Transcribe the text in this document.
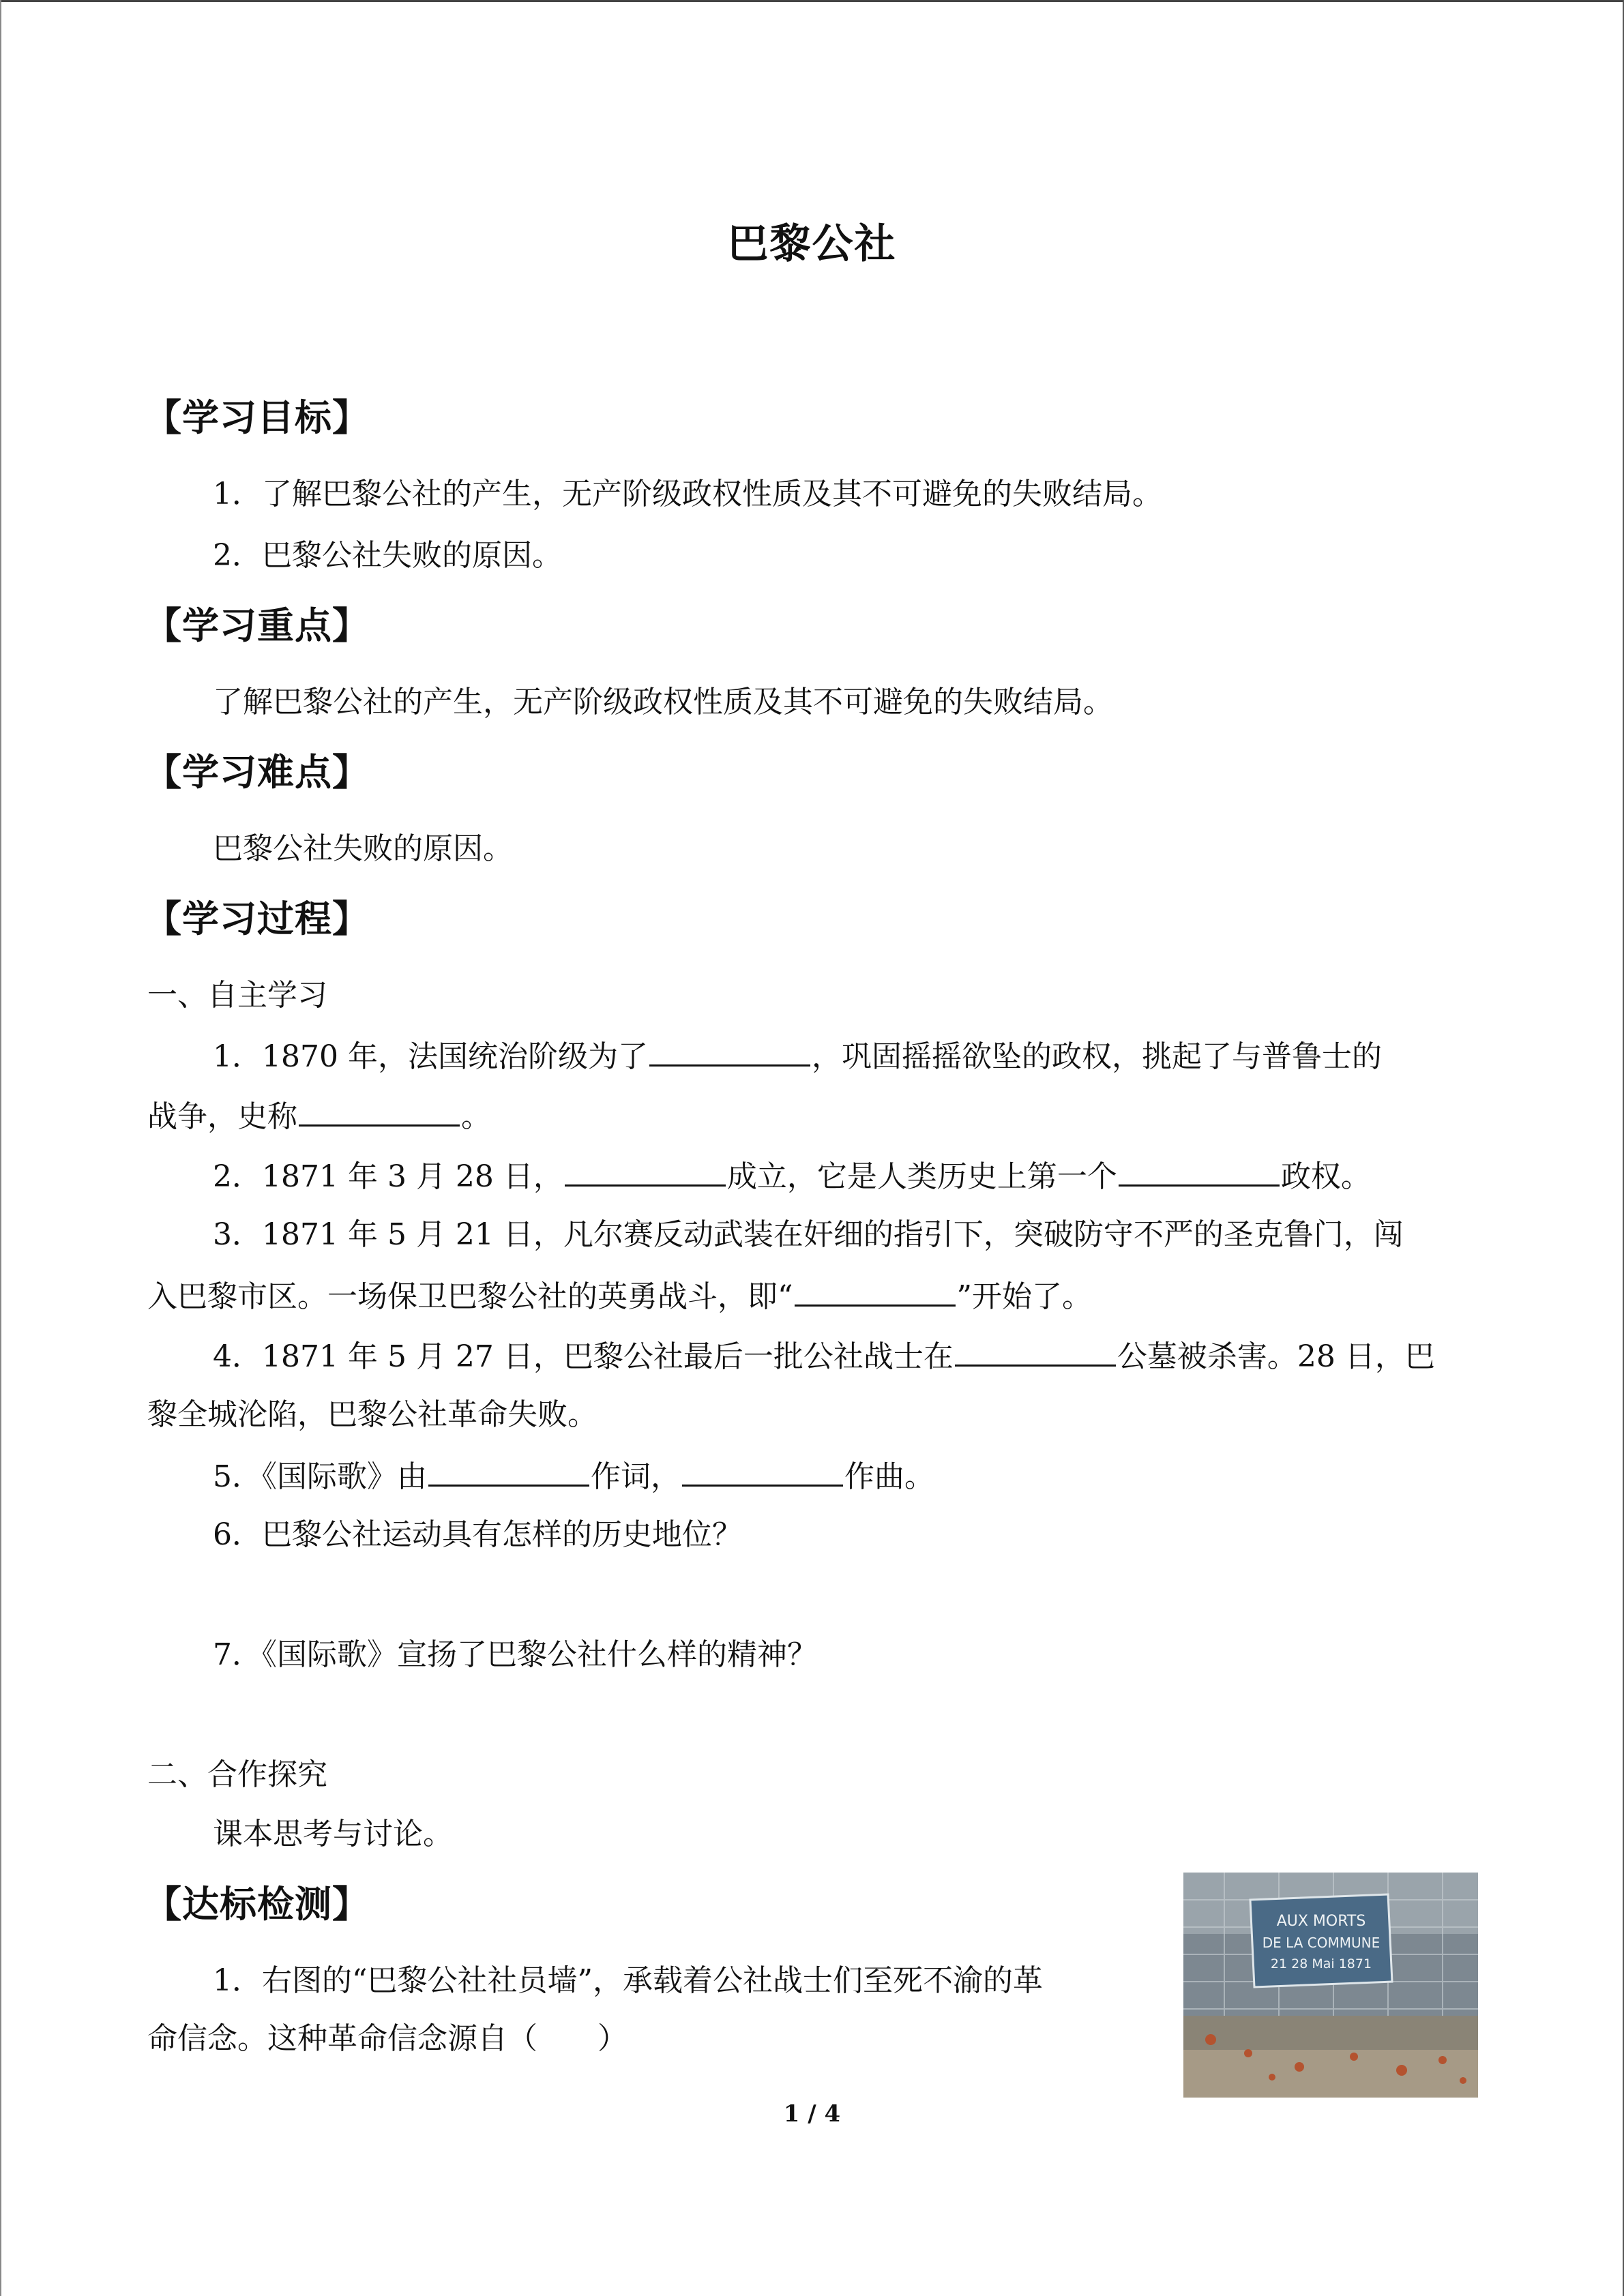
巴黎公社
【学习目标】
1．了解巴黎公社的产生，无产阶级政权性质及其不可避免的失败结局。
2．巴黎公社失败的原因。
【学习重点】
了解巴黎公社的产生，无产阶级政权性质及其不可避免的失败结局。
【学习难点】
巴黎公社失败的原因。
【学习过程】
一、自主学习
1．1870 年，法国统治阶级为了	，巩固摇摇欲坠的政权，挑起了与普鲁士的
战争，史称	。
2．1871 年 3 月 28 日，	成立，它是人类历史上第一个	政权。
3．1871 年 5 月 21 日，凡尔赛反动武装在奸细的指引下，突破防守不严的圣克鲁门，闯
入巴黎市区。一场保卫巴黎公社的英勇战斗，即“	”开始了。
4．1871 年 5 月 27 日，巴黎公社最后一批公社战士在	公墓被杀害。28 日，巴
黎全城沦陷，巴黎公社革命失败。
5．《国际歌》由	作词，	作曲。
6．巴黎公社运动具有怎样的历史地位？
7．《国际歌》宣扬了巴黎公社什么样的精神？
二、合作探究
课本思考与讨论。
【达标检测】
1．右图的“巴黎公社社员墙”，承载着公社战士们至死不渝的革
命信念。这种革命信念源自（　　）
AUX MORTS
DE LA COMMUNE
21 28 Mai 1871
1 / 4
